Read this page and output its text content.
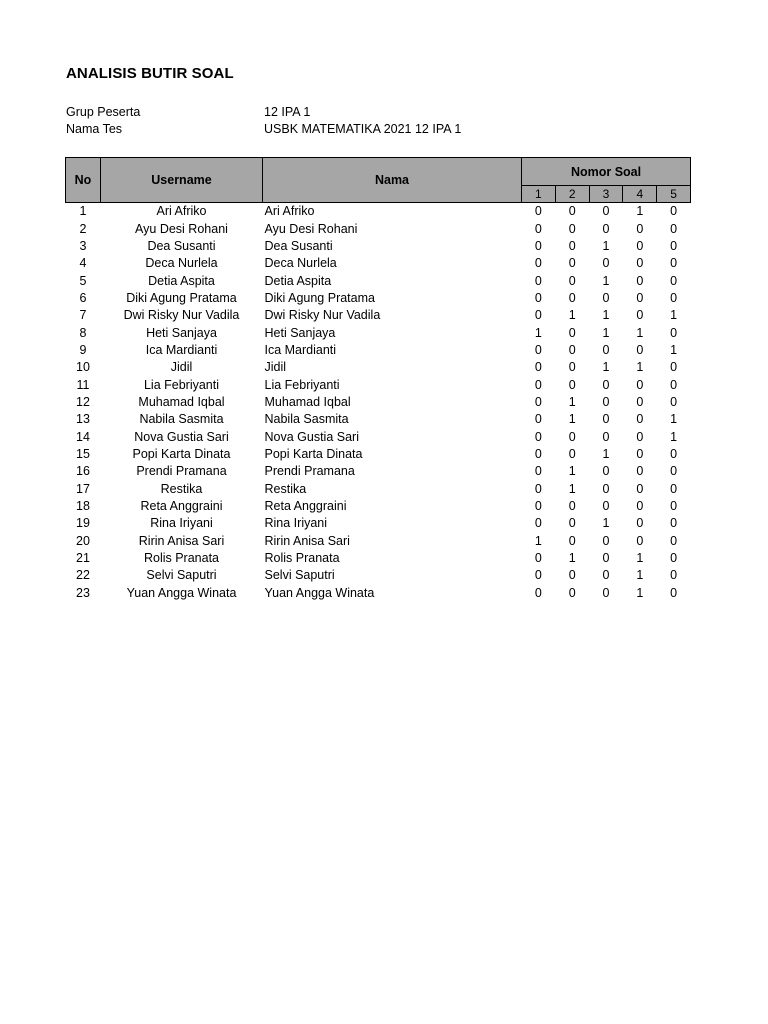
ANALISIS BUTIR SOAL
Grup Peserta	12 IPA 1
Nama Tes	USBK MATEMATIKA 2021 12 IPA 1
No	Username	Nama	Nomor Soal				
			1	2	3	4	5
1	Ari Afriko	Ari Afriko	0	0	0	1	0
2	Ayu Desi Rohani	Ayu Desi Rohani	0	0	0	0	0
3	Dea Susanti	Dea Susanti	0	0	1	0	0
4	Deca Nurlela	Deca Nurlela	0	0	0	0	0
5	Detia Aspita	Detia Aspita	0	0	1	0	0
6	Diki Agung Pratama	Diki Agung Pratama	0	0	0	0	0
7	Dwi Risky Nur Vadila	Dwi Risky Nur Vadila	0	1	1	0	1
8	Heti Sanjaya	Heti Sanjaya	1	0	1	1	0
9	Ica Mardianti	Ica Mardianti	0	0	0	0	1
10	Jidil	Jidil	0	0	1	1	0
11	Lia Febriyanti	Lia Febriyanti	0	0	0	0	0
12	Muhamad Iqbal	Muhamad Iqbal	0	1	0	0	0
13	Nabila Sasmita	Nabila Sasmita	0	1	0	0	1
14	Nova Gustia Sari	Nova Gustia Sari	0	0	0	0	1
15	Popi Karta Dinata	Popi Karta Dinata	0	0	1	0	0
16	Prendi Pramana	Prendi Pramana	0	1	0	0	0
17	Restika	Restika	0	1	0	0	0
18	Reta Anggraini	Reta Anggraini	0	0	0	0	0
19	Rina Iriyani	Rina Iriyani	0	0	1	0	0
20	Ririn Anisa Sari	Ririn Anisa Sari	1	0	0	0	0
21	Rolis Pranata	Rolis Pranata	0	1	0	1	0
22	Selvi Saputri	Selvi Saputri	0	0	0	1	0
23	Yuan Angga Winata	Yuan Angga Winata	0	0	0	1	0
